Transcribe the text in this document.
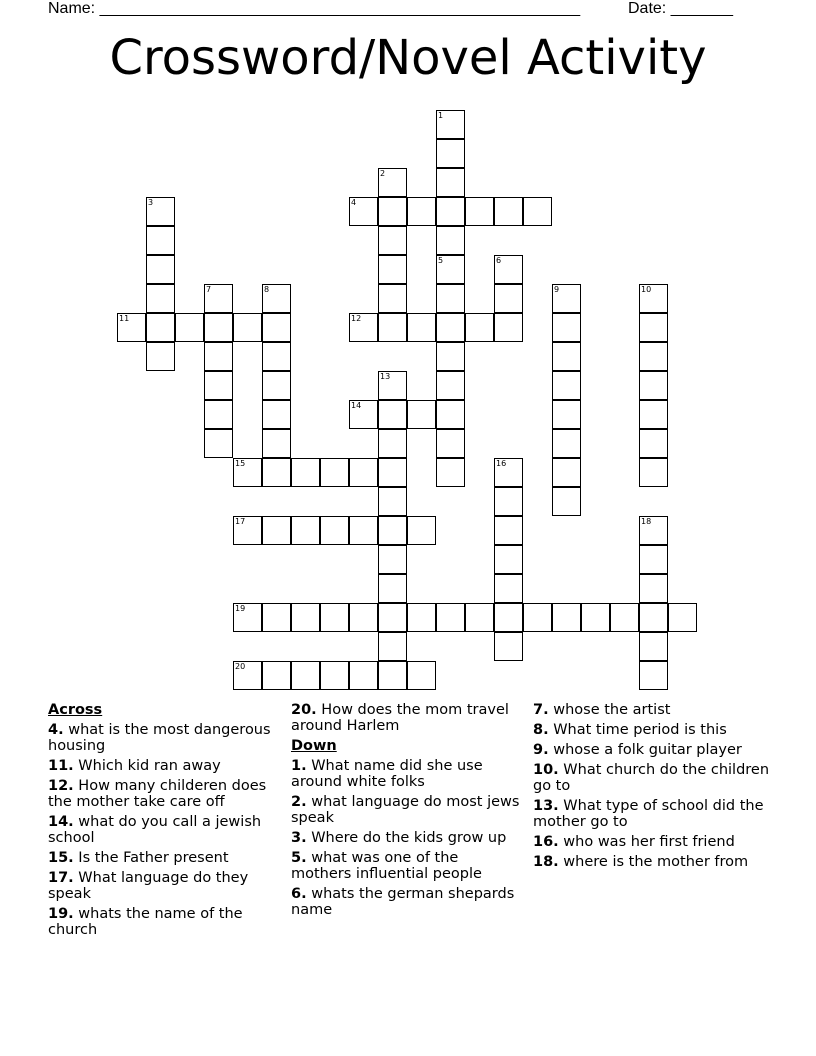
Name: ______________________________________________________	Date: _______
Crossword/Novel Activity
1
2
3	4
5	6
7	8	9	10
11	12
13
14
15	16
17	18
19
20
Across
4. what is the most dangerous housing
11. Which kid ran away
12. How many childeren does the mother take care off
14. what do you call a jewish school
15. Is the Father present
17. What language do they speak
19. whats the name of the church
20. How does the mom travel around Harlem
Down
1. What name did she use around white folks
2. what language do most jews speak
3. Where do the kids grow up
5. what was one of the mothers influential people
6. whats the german shepards name
7. whose the artist
8. What time period is this
9. whose a folk guitar player
10. What church do the children go to
13. What type of school did the mother go to
16. who was her first friend
18. where is the mother from
